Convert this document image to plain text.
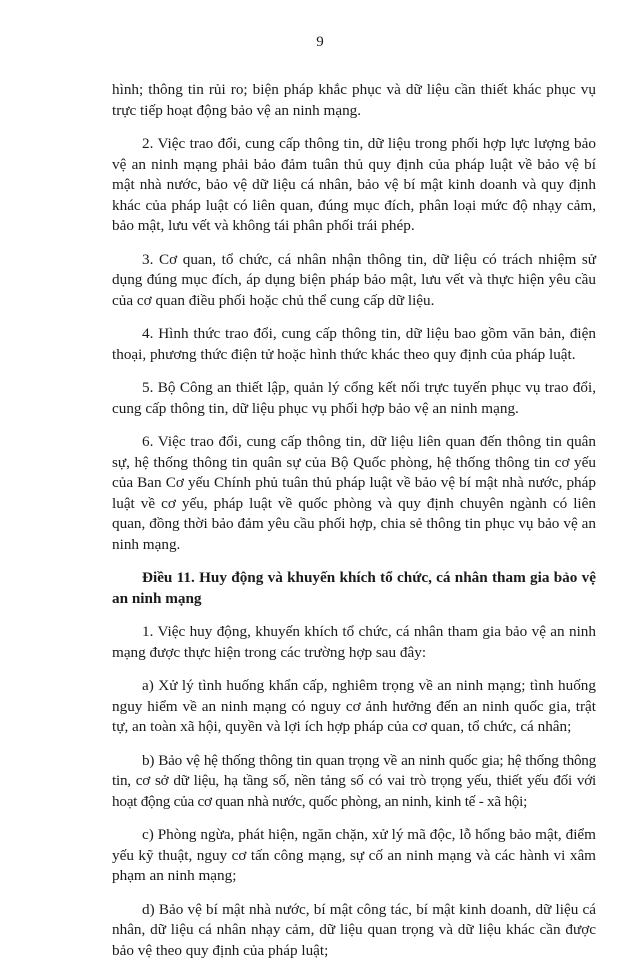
9

hình; thông tin rủi ro; biện pháp khắc phục và dữ liệu cần thiết khác phục vụ trực tiếp hoạt động bảo vệ an ninh mạng.

2. Việc trao đổi, cung cấp thông tin, dữ liệu trong phối hợp lực lượng bảo vệ an ninh mạng phải bảo đảm tuân thủ quy định của pháp luật về bảo vệ bí mật nhà nước, bảo vệ dữ liệu cá nhân, bảo vệ bí mật kinh doanh và quy định khác của pháp luật có liên quan, đúng mục đích, phân loại mức độ nhạy cảm, bảo mật, lưu vết và không tái phân phối trái phép.

3. Cơ quan, tổ chức, cá nhân nhận thông tin, dữ liệu có trách nhiệm sử dụng đúng mục đích, áp dụng biện pháp bảo mật, lưu vết và thực hiện yêu cầu của cơ quan điều phối hoặc chủ thể cung cấp dữ liệu.

4. Hình thức trao đổi, cung cấp thông tin, dữ liệu bao gồm văn bản, điện thoại, phương thức điện tử hoặc hình thức khác theo quy định của pháp luật.

5. Bộ Công an thiết lập, quản lý cổng kết nối trực tuyến phục vụ trao đổi, cung cấp thông tin, dữ liệu phục vụ phối hợp bảo vệ an ninh mạng.

6. Việc trao đổi, cung cấp thông tin, dữ liệu liên quan đến thông tin quân sự, hệ thống thông tin quân sự của Bộ Quốc phòng, hệ thống thông tin cơ yếu của Ban Cơ yếu Chính phủ tuân thủ pháp luật về bảo vệ bí mật nhà nước, pháp luật về cơ yếu, pháp luật về quốc phòng và quy định chuyên ngành có liên quan, đồng thời bảo đảm yêu cầu phối hợp, chia sẻ thông tin phục vụ bảo vệ an ninh mạng.

Điều 11. Huy động và khuyến khích tổ chức, cá nhân tham gia bảo vệ an ninh mạng

1. Việc huy động, khuyến khích tổ chức, cá nhân tham gia bảo vệ an ninh mạng được thực hiện trong các trường hợp sau đây:

a) Xử lý tình huống khẩn cấp, nghiêm trọng về an ninh mạng; tình huống nguy hiểm về an ninh mạng có nguy cơ ảnh hưởng đến an ninh quốc gia, trật tự, an toàn xã hội, quyền và lợi ích hợp pháp của cơ quan, tổ chức, cá nhân;

b) Bảo vệ hệ thống thông tin quan trọng về an ninh quốc gia; hệ thống thông tin, cơ sở dữ liệu, hạ tầng số, nền tảng số có vai trò trọng yếu, thiết yếu đối với hoạt động của cơ quan nhà nước, quốc phòng, an ninh, kinh tế - xã hội;

c) Phòng ngừa, phát hiện, ngăn chặn, xử lý mã độc, lỗ hổng bảo mật, điểm yếu kỹ thuật, nguy cơ tấn công mạng, sự cố an ninh mạng và các hành vi xâm phạm an ninh mạng;

d) Bảo vệ bí mật nhà nước, bí mật công tác, bí mật kinh doanh, dữ liệu cá nhân, dữ liệu cá nhân nhạy cảm, dữ liệu quan trọng và dữ liệu khác cần được bảo vệ theo quy định của pháp luật;
